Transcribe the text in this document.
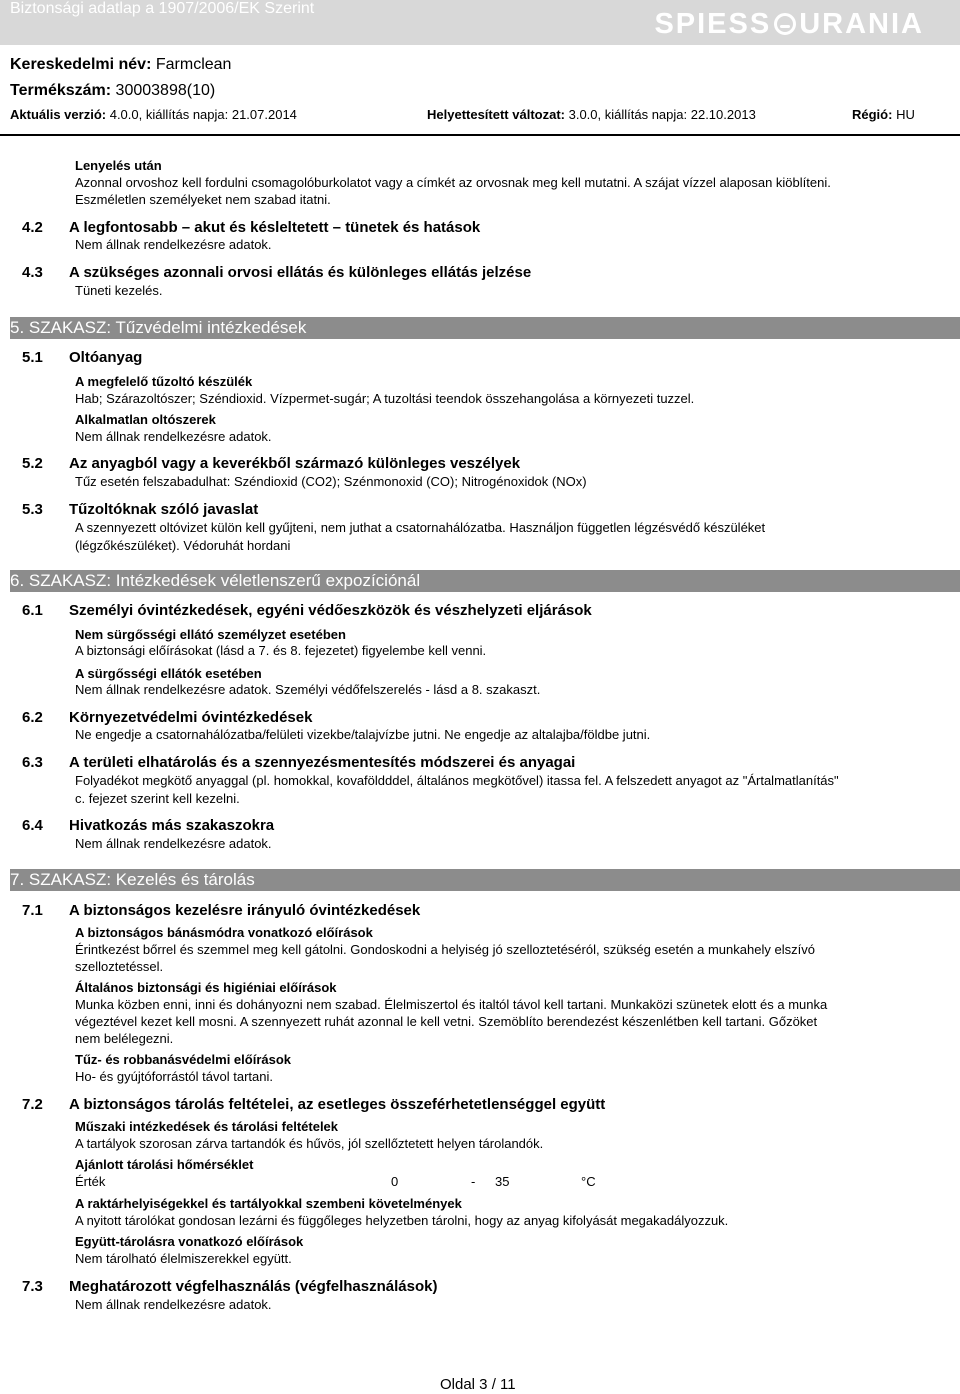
Biztonsági adatlap a 1907/2006/EK Szerint	SPIESS URANIA
Kereskedelmi név: Farmclean
Termékszám: 30003898(10)
Aktuális verzió: 4.0.0, kiállítás napja: 21.07.2014	Helyettesített változat: 3.0.0, kiállítás napja: 22.10.2013	Régió: HU
Lenyelés után
Azonnal orvoshoz kell fordulni csomagolóburkolatot vagy a címkét az orvosnak meg kell mutatni. A szájat vízzel alaposan kiöblíteni.
Eszméletlen személyeket nem szabad itatni.
4.2 A legfontosabb – akut és késleltetett – tünetek és hatások
Nem állnak rendelkezésre adatok.
4.3 A szükséges azonnali orvosi ellátás és különleges ellátás jelzése
Tüneti kezelés.
5. SZAKASZ: Tűzvédelmi intézkedések
5.1 Oltóanyag
A megfelelő tűzoltó készülék
Hab; Szárazoltószer; Széndioxid. Vízpermet-sugár; A tuzoltási teendok összehangolása a környezeti tuzzel.
Alkalmatlan oltószerek
Nem állnak rendelkezésre adatok.
5.2 Az anyagból vagy a keverékből származó különleges veszélyek
Tűz esetén felszabadulhat: Széndioxid (CO2); Szénmonoxid (CO); Nitrogénoxidok (NOx)
5.3 Tűzoltóknak szóló javaslat
A szennyezett oltóvizet külön kell gyűjteni, nem juthat a csatornahálózatba. Használjon független légzésvédő készüléket
(légzőkészüléket). Védoruhát hordani
6. SZAKASZ: Intézkedések véletlenszerű expozíciónál
6.1 Személyi óvintézkedések, egyéni védőeszközök és vészhelyzeti eljárások
Nem sürgősségi ellátó személyzet esetében
A biztonsági előírásokat (lásd a 7. és 8. fejezetet) figyelembe kell venni.
A sürgősségi ellátók esetében
Nem állnak rendelkezésre adatok. Személyi védőfelszerelés - lásd a 8. szakaszt.
6.2 Környezetvédelmi óvintézkedések
Ne engedje a csatornahálózatba/felületi vizekbe/talajvízbe jutni. Ne engedje az altalajba/földbe jutni.
6.3 A területi elhatárolás és a szennyezésmentesítés módszerei és anyagai
Folyadékot megkötő anyaggal (pl. homokkal, kovaföldddel, általános megkötővel) itassa fel. A felszedett anyagot az "Ártalmatlanítás"
c. fejezet szerint kell kezelni.
6.4 Hivatkozás más szakaszokra
Nem állnak rendelkezésre adatok.
7. SZAKASZ: Kezelés és tárolás
7.1 A biztonságos kezelésre irányuló óvintézkedések
A biztonságos bánásmódra vonatkozó előírások
Érintkezést bőrrel és szemmel meg kell gátolni. Gondoskodni a helyiség jó szelloztetéséról, szükség esetén a munkahely elszívó
szelloztetéssel.
Általános biztonsági és higiéniai előírások
Munka közben enni, inni és dohányozni nem szabad. Élelmiszertol és italtól távol kell tartani. Munkaközi szünetek elott és a munka
végeztével kezet kell mosni. A szennyezett ruhát azonnal le kell vetni. Szemöblíto berendezést készenlétben kell tartani. Gőzöket
nem belélegezni.
Tűz- és robbanásvédelmi előírások
Ho- és gyújtóforrástól távol tartani.
7.2 A biztonságos tárolás feltételei, az esetleges összeférhetetlenséggel együtt
Műszaki intézkedések és tárolási feltételek
A tartályok szorosan zárva tartandók és hűvös, jól szellőztetett helyen tárolandók.
Ajánlott tárolási hőmérséklet
Érték	0	- 35	°C
A raktárhelyiségekkel és tartályokkal szembeni követelmények
A nyitott tárolókat gondosan lezárni és függőleges helyzetben tárolni, hogy az anyag kifolyását megakadályozzuk.
Együtt-tárolásra vonatkozó előírások
Nem tárolható élelmiszerekkel együtt.
7.3 Meghatározott végfelhasználás (végfelhasználások)
Nem állnak rendelkezésre adatok.
Oldal 3 / 11
